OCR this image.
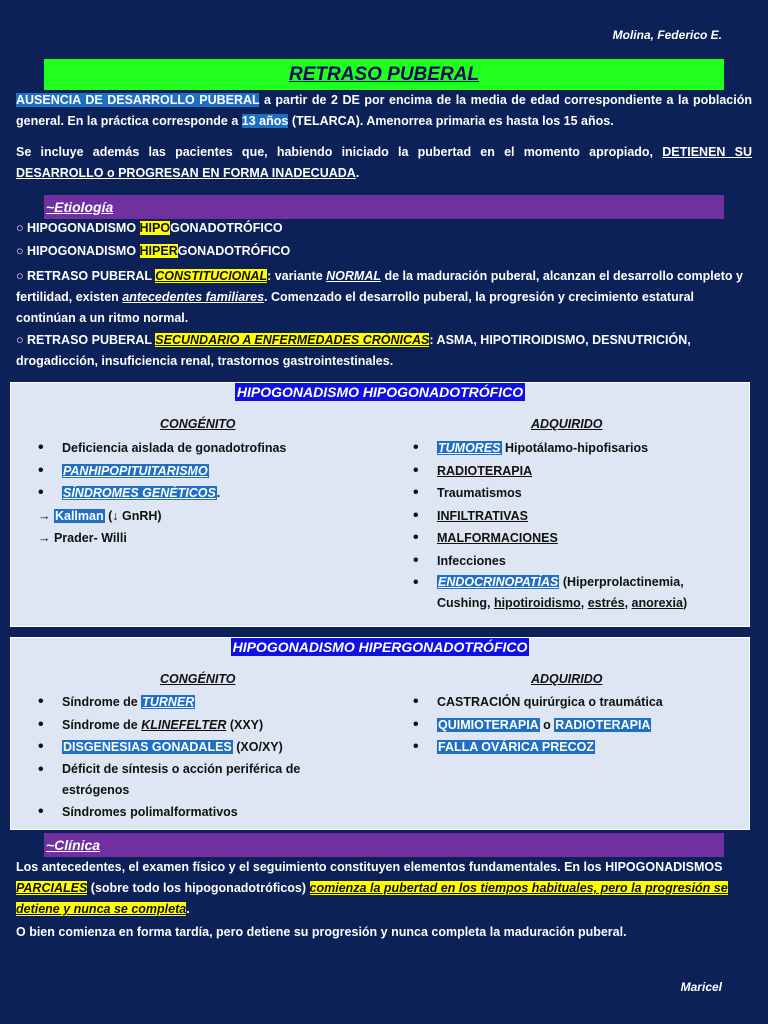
Molina, Federico E.
RETRASO PUBERAL
AUSENCIA DE DESARROLLO PUBERAL a partir de 2 DE por encima de la media de edad correspondiente a la población general. En la práctica corresponde a 13 años (TELARCA). Amenorrea primaria es hasta los 15 años.
Se incluye además las pacientes que, habiendo iniciado la pubertad en el momento apropiado, DETIENEN SU DESARROLLO o PROGRESAN EN FORMA INADECUADA.
~Etiología
○ HIPOGONADISMO HIPOGONADOTRÓFICO
○ HIPOGONADISMO HIPERGONADOTRÓFICO
○ RETRASO PUBERAL CONSTITUCIONAL: variante NORMAL de la maduración puberal, alcanzan el desarrollo completo y fertilidad, existen antecedentes familiares. Comenzado el desarrollo puberal, la progresión y crecimiento estatural continúan a un ritmo normal.
○ RETRASO PUBERAL SECUNDARIO A ENFERMEDADES CRÓNICAS: ASMA, HIPOTIROIDISMO, DESNUTRICIÓN, drogadicción, insuficiencia renal, trastornos gastrointestinales.
HIPOGONADISMO HIPOGONADOTRÓFICO
CONGÉNITO	ADQUIRIDO
• Deficiencia aislada de gonadotrofinas
• PANHIPOPITUITARISMO
• SÍNDROMES GENÉTICOS.
→ Kallman (↓ GnRH)
→ Prader- Willi
• TUMORES Hipotálamo-hipofisarios
• RADIOTERAPIA
• Traumatismos
• INFILTRATIVAS
• MALFORMACIONES
• Infecciones
• ENDOCRINOPATÍAS (Hiperprolactinemia,
Cushing, hipotiroidismo, estrés, anorexia)
HIPOGONADISMO HIPERGONADOTRÓFICO
CONGÉNITO	ADQUIRIDO
• Síndrome de TURNER
• Síndrome de KLINEFELTER (XXY)
• DISGENESIAS GONADALES (XO/XY)
• Déficit de síntesis o acción periférica de estrógenos
• Síndromes polimalformativos
• CASTRACIÓN quirúrgica o traumática
• QUIMIOTERAPIA o RADIOTERAPIA
• FALLA OVÁRICA PRECOZ
~Clínica
Los antecedentes, el examen físico y el seguimiento constituyen elementos fundamentales. En los HIPOGONADISMOS PARCIALES (sobre todo los hipogonadotróficos) comienza la pubertad en los tiempos habituales, pero la progresión se detiene y nunca se completa.
O bien comienza en forma tardía, pero detiene su progresión y nunca completa la maduración puberal.
Maricel
